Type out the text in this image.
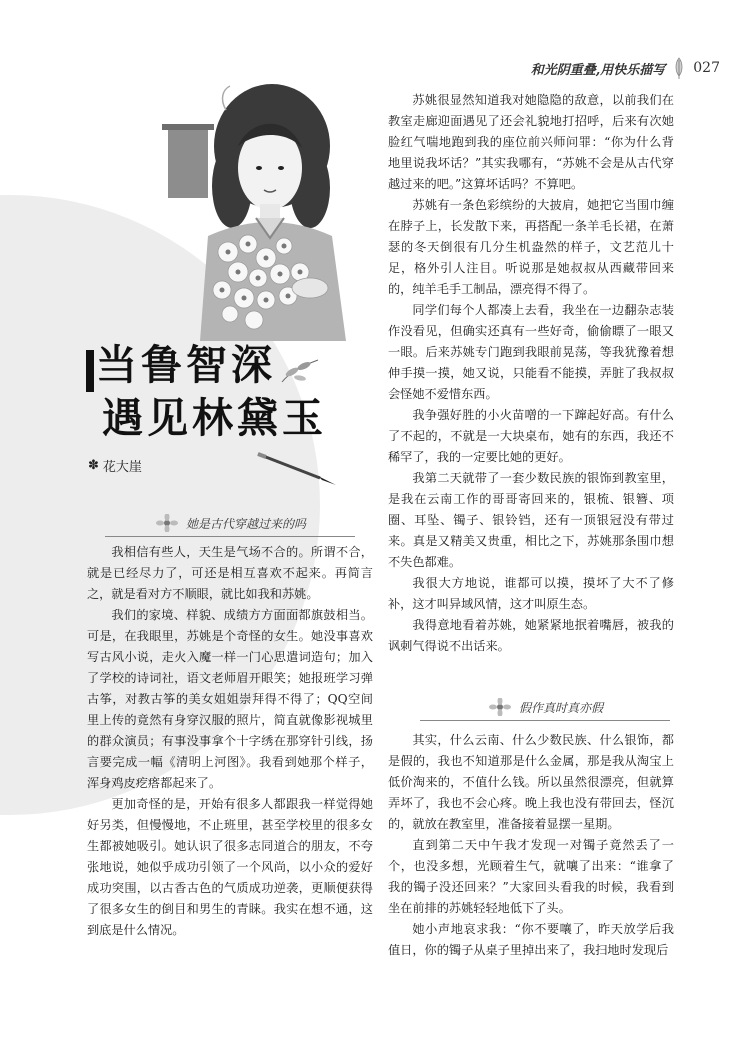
和光阴重叠,用快乐描写 027
当鲁智深
遇见林黛玉
✽ 花大崖
她是古代穿越过来的吗

我相信有些人，天生是气场不合的。所谓不合，就是已经尽力了，可还是相互喜欢不起来。再简言之，就是看对方不顺眼，就比如我和苏姚。

我们的家境、样貌、成绩方方面面都旗鼓相当。可是，在我眼里，苏姚是个奇怪的女生。她没事喜欢写古风小说，走火入魔一样一门心思遣词造句；加入了学校的诗词社，语文老师眉开眼笑；她报班学习弹古筝，对教古筝的美女姐姐崇拜得不得了；QQ空间里上传的竟然有身穿汉服的照片，简直就像影视城里的群众演员；有事没事拿个十字绣在那穿针引线，扬言要完成一幅《清明上河图》。我看到她那个样子，浑身鸡皮疙瘩都起来了。

更加奇怪的是，开始有很多人都跟我一样觉得她好另类，但慢慢地，不止班里，甚至学校里的很多女生都被她吸引。她认识了很多志同道合的朋友，不夸张地说，她似乎成功引领了一个风尚，以小众的爱好成功突围，以古香古色的气质成功逆袭，更顺便获得了很多女生的倒目和男生的青睐。我实在想不通，这到底是什么情况。

苏姚很显然知道我对她隐隐的敌意，以前我们在教室走廊迎面遇见了还会礼貌地打招呼，后来有次她脸红气喘地跑到我的座位前兴师问罪：“你为什么背地里说我坏话？”其实我哪有，“苏姚不会是从古代穿越过来的吧。”这算坏话吗？不算吧。

苏姚有一条色彩缤纷的大披肩，她把它当围巾缠在脖子上，长发散下来，再搭配一条羊毛长裙，在萧瑟的冬天倒很有几分生机盎然的样子，文艺范儿十足，格外引人注目。听说那是她叔叔从西藏带回来的，纯羊毛手工制品，漂亮得不得了。

同学们每个人都凑上去看，我坐在一边翻杂志装作没看见，但确实还真有一些好奇，偷偷瞟了一眼又一眼。后来苏姚专门跑到我眼前晃荡，等我犹豫着想伸手摸一摸，她又说，只能看不能摸，弄脏了我叔叔会怪她不爱惜东西。

我争强好胜的小火苗噌的一下蹿起好高。有什么了不起的，不就是一大块桌布，她有的东西，我还不稀罕了，我的一定要比她的更好。

我第二天就带了一套少数民族的银饰到教室里，是我在云南工作的哥哥寄回来的，银梳、银簪、项圈、耳坠、镯子、银铃铛，还有一顶银冠没有带过来。真是又精美又贵重，相比之下，苏姚那条围巾想不失色都难。

我很大方地说，谁都可以摸，摸坏了大不了修补，这才叫异域风情，这才叫原生态。

我得意地看着苏姚，她紧紧地抿着嘴唇，被我的讽刺气得说不出话来。

假作真时真亦假

其实，什么云南、什么少数民族、什么银饰，都是假的，我也不知道那是什么金属，那是我从淘宝上低价淘来的，不值什么钱。所以虽然很漂亮，但就算弄坏了，我也不会心疼。晚上我也没有带回去，怪沉的，就放在教室里，准备接着显摆一星期。

直到第二天中午我才发现一对镯子竟然丢了一个，也没多想，光顾着生气，就嚷了出来：“谁拿了我的镯子没还回来？”大家回头看我的时候，我看到坐在前排的苏姚轻轻地低下了头。

她小声地哀求我：“你不要嚷了，昨天放学后我值日，你的镯子从桌子里掉出来了，我扫地时发现后
